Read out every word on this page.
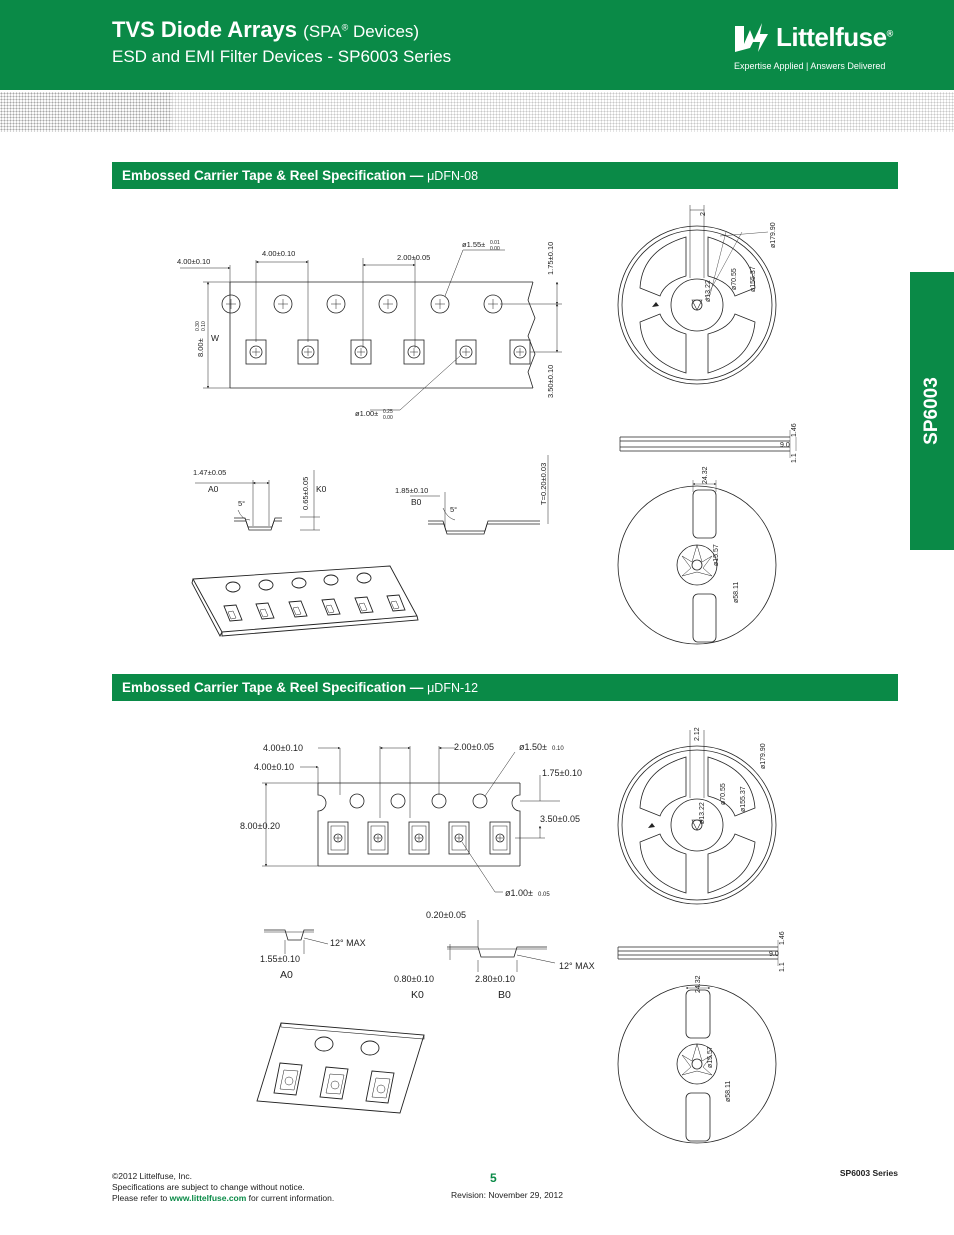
TVS Diode Arrays (SPA® Devices)
ESD and EMI Filter Devices - SP6003 Series
Littelfuse®
Expertise Applied | Answers Delivered
SP6003
Embossed Carrier Tape & Reel Specification — μDFN-08
Embossed Carrier Tape & Reel Specification — μDFN-12
4.00±0.10
4.00±0.10	2.00±0.05
ø1.55± 0.01
0.00	1.75±0.10
3.50±0.10
8.00±
0.30 0.10
W
ø1.00± 0.25
0.00
1.47±0.05
A0
5°	0.65±0.05 K0	1.85±0.10
B0
5°
T=0.20±0.03
ø179.90
ø155.37
ø70.55
ø13.22
2
9.0
1.1
1.46
24.32
ø15.57
ø58.11
4.00±0.10
4.00±0.10
2.00±0.05	ø1.50± 0.10
1.75±0.10
3.50±0.05
8.00±0.20
ø1.00± 0.05
0.20±0.05
12° MAX
1.55±0.10
A0	0.80±0.10
K0
2.80±0.10
B0
12° MAX
ø179.90
ø155.37
ø70.55
ø13.22
2.12
9.0
1.1
1.46
24.32
ø15.57
ø58.11
©2012 Littelfuse, Inc.
Specifications are subject to change without notice.
Please refer to www.littelfuse.com for current information.
5
Revision: November 29, 2012
SP6003 Series
